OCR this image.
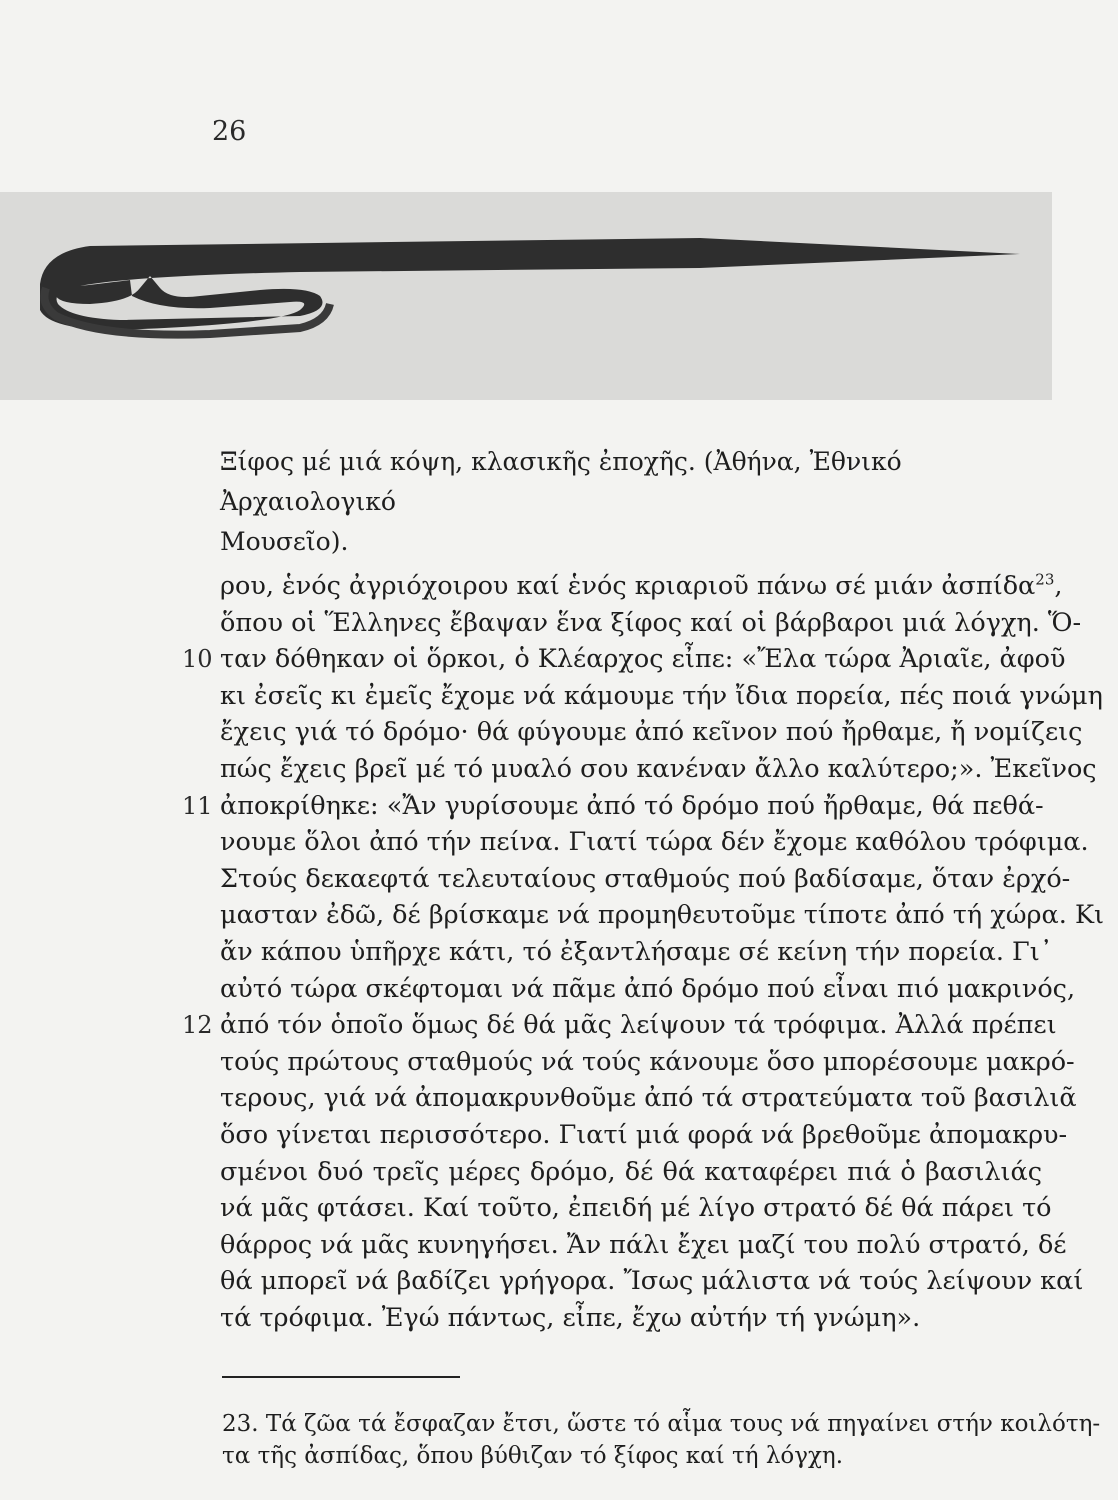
26

Ξίφος μέ μιά κόψη, κλασικῆς ἐποχῆς. (Ἀθήνα, Ἐθνικό Ἀρχαιολογικό
Μουσεῖο).

ρου, ἑνός ἀγριόχοιρου καί ἑνός κριαριοῦ πάνω σέ μιάν ἀσπίδα$^{23}$,
ὅπου οἱ Ἕλληνες ἔβαψαν ἕνα ξίφος καί οἱ βάρβαροι μιά λόγχη. Ὅ-
ταν δόθηκαν οἱ ὅρκοι, ὁ Κλέαρχος εἶπε: «Ἔλα τώρα Ἀριαῖε, ἀφοῦ
10
κι ἐσεῖς κι ἐμεῖς ἔχομε νά κάμουμε τήν ἴδια πορεία, πές ποιά γνώμη
ἔχεις γιά τό δρόμο· θά φύγουμε ἀπό κεῖνον πού ἤρθαμε, ἤ νομίζεις
πώς ἔχεις βρεῖ μέ τό μυαλό σου κανέναν ἄλλο καλύτερο;». Ἐκεῖνος
ἀποκρίθηκε: «Ἄν γυρίσουμε ἀπό τό δρόμο πού ἤρθαμε, θά πεθά-
11
νουμε ὅλοι ἀπό τήν πείνα. Γιατί τώρα δέν ἔχομε καθόλου τρόφιμα.
Στούς δεκαεφτά τελευταίους σταθμούς πού βαδίσαμε, ὅταν ἐρχό-
μασταν ἐδῶ, δέ βρίσκαμε νά προμηθευτοῦμε τίποτε ἀπό τή χώρα. Κι
ἄν κάπου ὑπῆρχε κάτι, τό ἐξαντλήσαμε σέ κείνη τήν πορεία. Γι᾽
αὐτό τώρα σκέφτομαι νά πᾶμε ἀπό δρόμο πού εἶναι πιό μακρινός,
ἀπό τόν ὁποῖο ὅμως δέ θά μᾶς λείψουν τά τρόφιμα. Ἀλλά πρέπει
12
τούς πρώτους σταθμούς νά τούς κάνουμε ὅσο μπορέσουμε μακρό-
τερους, γιά νά ἀπομακρυνθοῦμε ἀπό τά στρατεύματα τοῦ βασιλιᾶ
ὅσο γίνεται περισσότερο. Γιατί μιά φορά νά βρεθοῦμε ἀπομακρυ-
σμένοι δυό τρεῖς μέρες δρόμο, δέ θά καταφέρει πιά ὁ βασιλιάς
νά μᾶς φτάσει. Καί τοῦτο, ἐπειδή μέ λίγο στρατό δέ θά πάρει τό
θάρρος νά μᾶς κυνηγήσει. Ἄν πάλι ἔχει μαζί του πολύ στρατό, δέ
θά μπορεῖ νά βαδίζει γρήγορα. Ἴσως μάλιστα νά τούς λείψουν καί
τά τρόφιμα. Ἐγώ πάντως, εἶπε, ἔχω αὐτήν τή γνώμη».
23. Τά ζῶα τά ἔσφαζαν ἔτσι, ὥστε τό αἷμα τους νά πηγαίνει στήν κοιλότη-
τα τῆς ἀσπίδας, ὅπου βύθιζαν τό ξίφος καί τή λόγχη.
